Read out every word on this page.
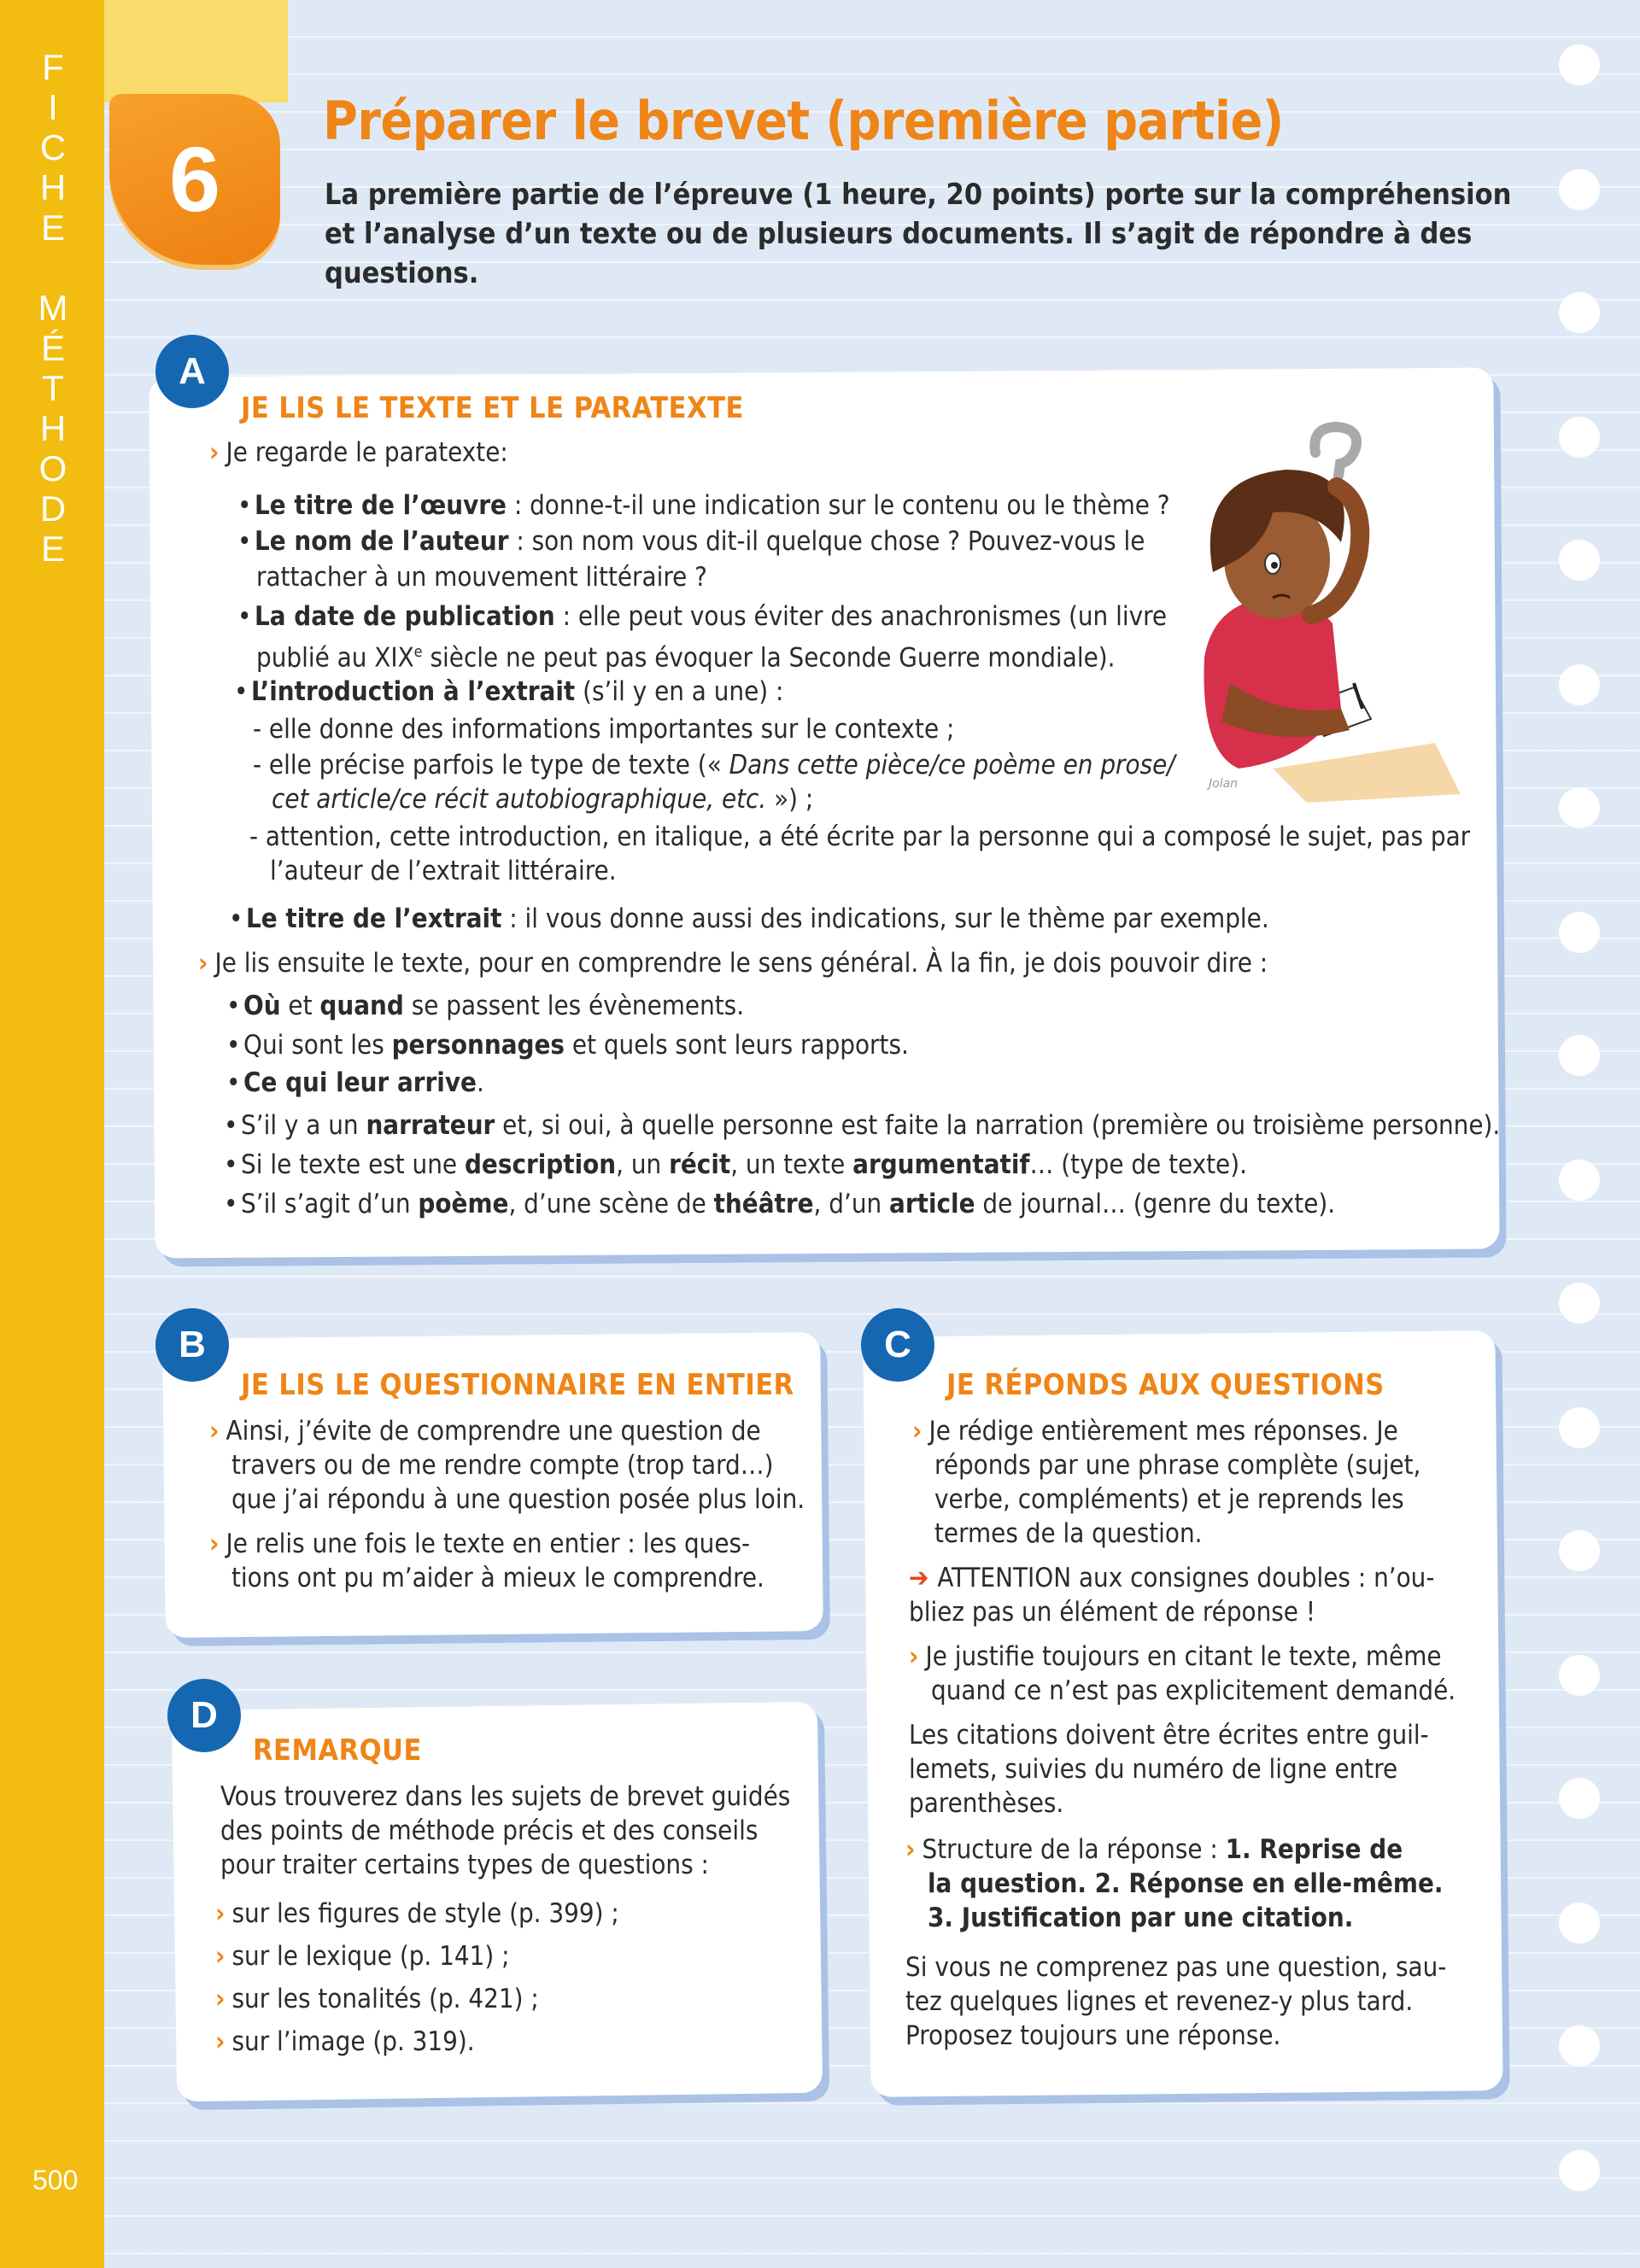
F
I
C
H
E
M
É
T
H
O
D
E
500
6
Préparer le brevet (première partie)
La première partie de l’épreuve (1 heure, 20 points) porte sur la compréhension
et l’analyse d’un texte ou de plusieurs documents. Il s’agit de répondre à des questions.
A
JE LIS LE TEXTE ET LE PARATEXTE
› Je regarde le paratexte:
• Le titre de l’œuvre : donne-t-il une indication sur le contenu ou le thème ?
• Le nom de l’auteur : son nom vous dit-il quelque chose ? Pouvez-vous le
rattacher à un mouvement littéraire ?
• La date de publication : elle peut vous éviter des anachronismes (un livre
publié au XIXe siècle ne peut pas évoquer la Seconde Guerre mondiale).
• L’introduction à l’extrait (s’il y en a une) :
- elle donne des informations importantes sur le contexte ;
- elle précise parfois le type de texte (« Dans cette pièce/ce poème en prose/
cet article/ce récit autobiographique, etc. ») ;
- attention, cette introduction, en italique, a été écrite par la personne qui a composé le sujet, pas par
l’auteur de l’extrait littéraire.
• Le titre de l’extrait : il vous donne aussi des indications, sur le thème par exemple.
› Je lis ensuite le texte, pour en comprendre le sens général. À la fin, je dois pouvoir dire :
• Où et quand se passent les évènements.
• Qui sont les personnages et quels sont leurs rapports.
• Ce qui leur arrive.
• S’il y a un narrateur et, si oui, à quelle personne est faite la narration (première ou troisième personne).
• Si le texte est une description, un récit, un texte argumentatif… (type de texte).
• S’il s’agit d’un poème, d’une scène de théâtre, d’un article de journal… (genre du texte).
Jolan
B
JE LIS LE QUESTIONNAIRE EN ENTIER
› Ainsi, j’évite de comprendre une question de
travers ou de me rendre compte (trop tard…)
que j’ai répondu à une question posée plus loin.
› Je relis une fois le texte en entier : les ques-
tions ont pu m’aider à mieux le comprendre.
C
JE RÉPONDS AUX QUESTIONS
› Je rédige entièrement mes réponses. Je
réponds par une phrase complète (sujet,
verbe, compléments) et je reprends les
termes de la question.
➔ ATTENTION aux consignes doubles : n’ou-
bliez pas un élément de réponse !
› Je justifie toujours en citant le texte, même
quand ce n’est pas explicitement demandé.
Les citations doivent être écrites entre guil-
lemets, suivies du numéro de ligne entre
parenthèses.
› Structure de la réponse : 1. Reprise de
la question. 2. Réponse en elle-même.
3. Justification par une citation.
Si vous ne comprenez pas une question, sau-
tez quelques lignes et revenez-y plus tard.
Proposez toujours une réponse.
D
REMARQUE
Vous trouverez dans les sujets de brevet guidés
des points de méthode précis et des conseils
pour traiter certains types de questions :
› sur les figures de style (p. 399) ;
› sur le lexique (p. 141) ;
› sur les tonalités (p. 421) ;
› sur l’image (p. 319).
